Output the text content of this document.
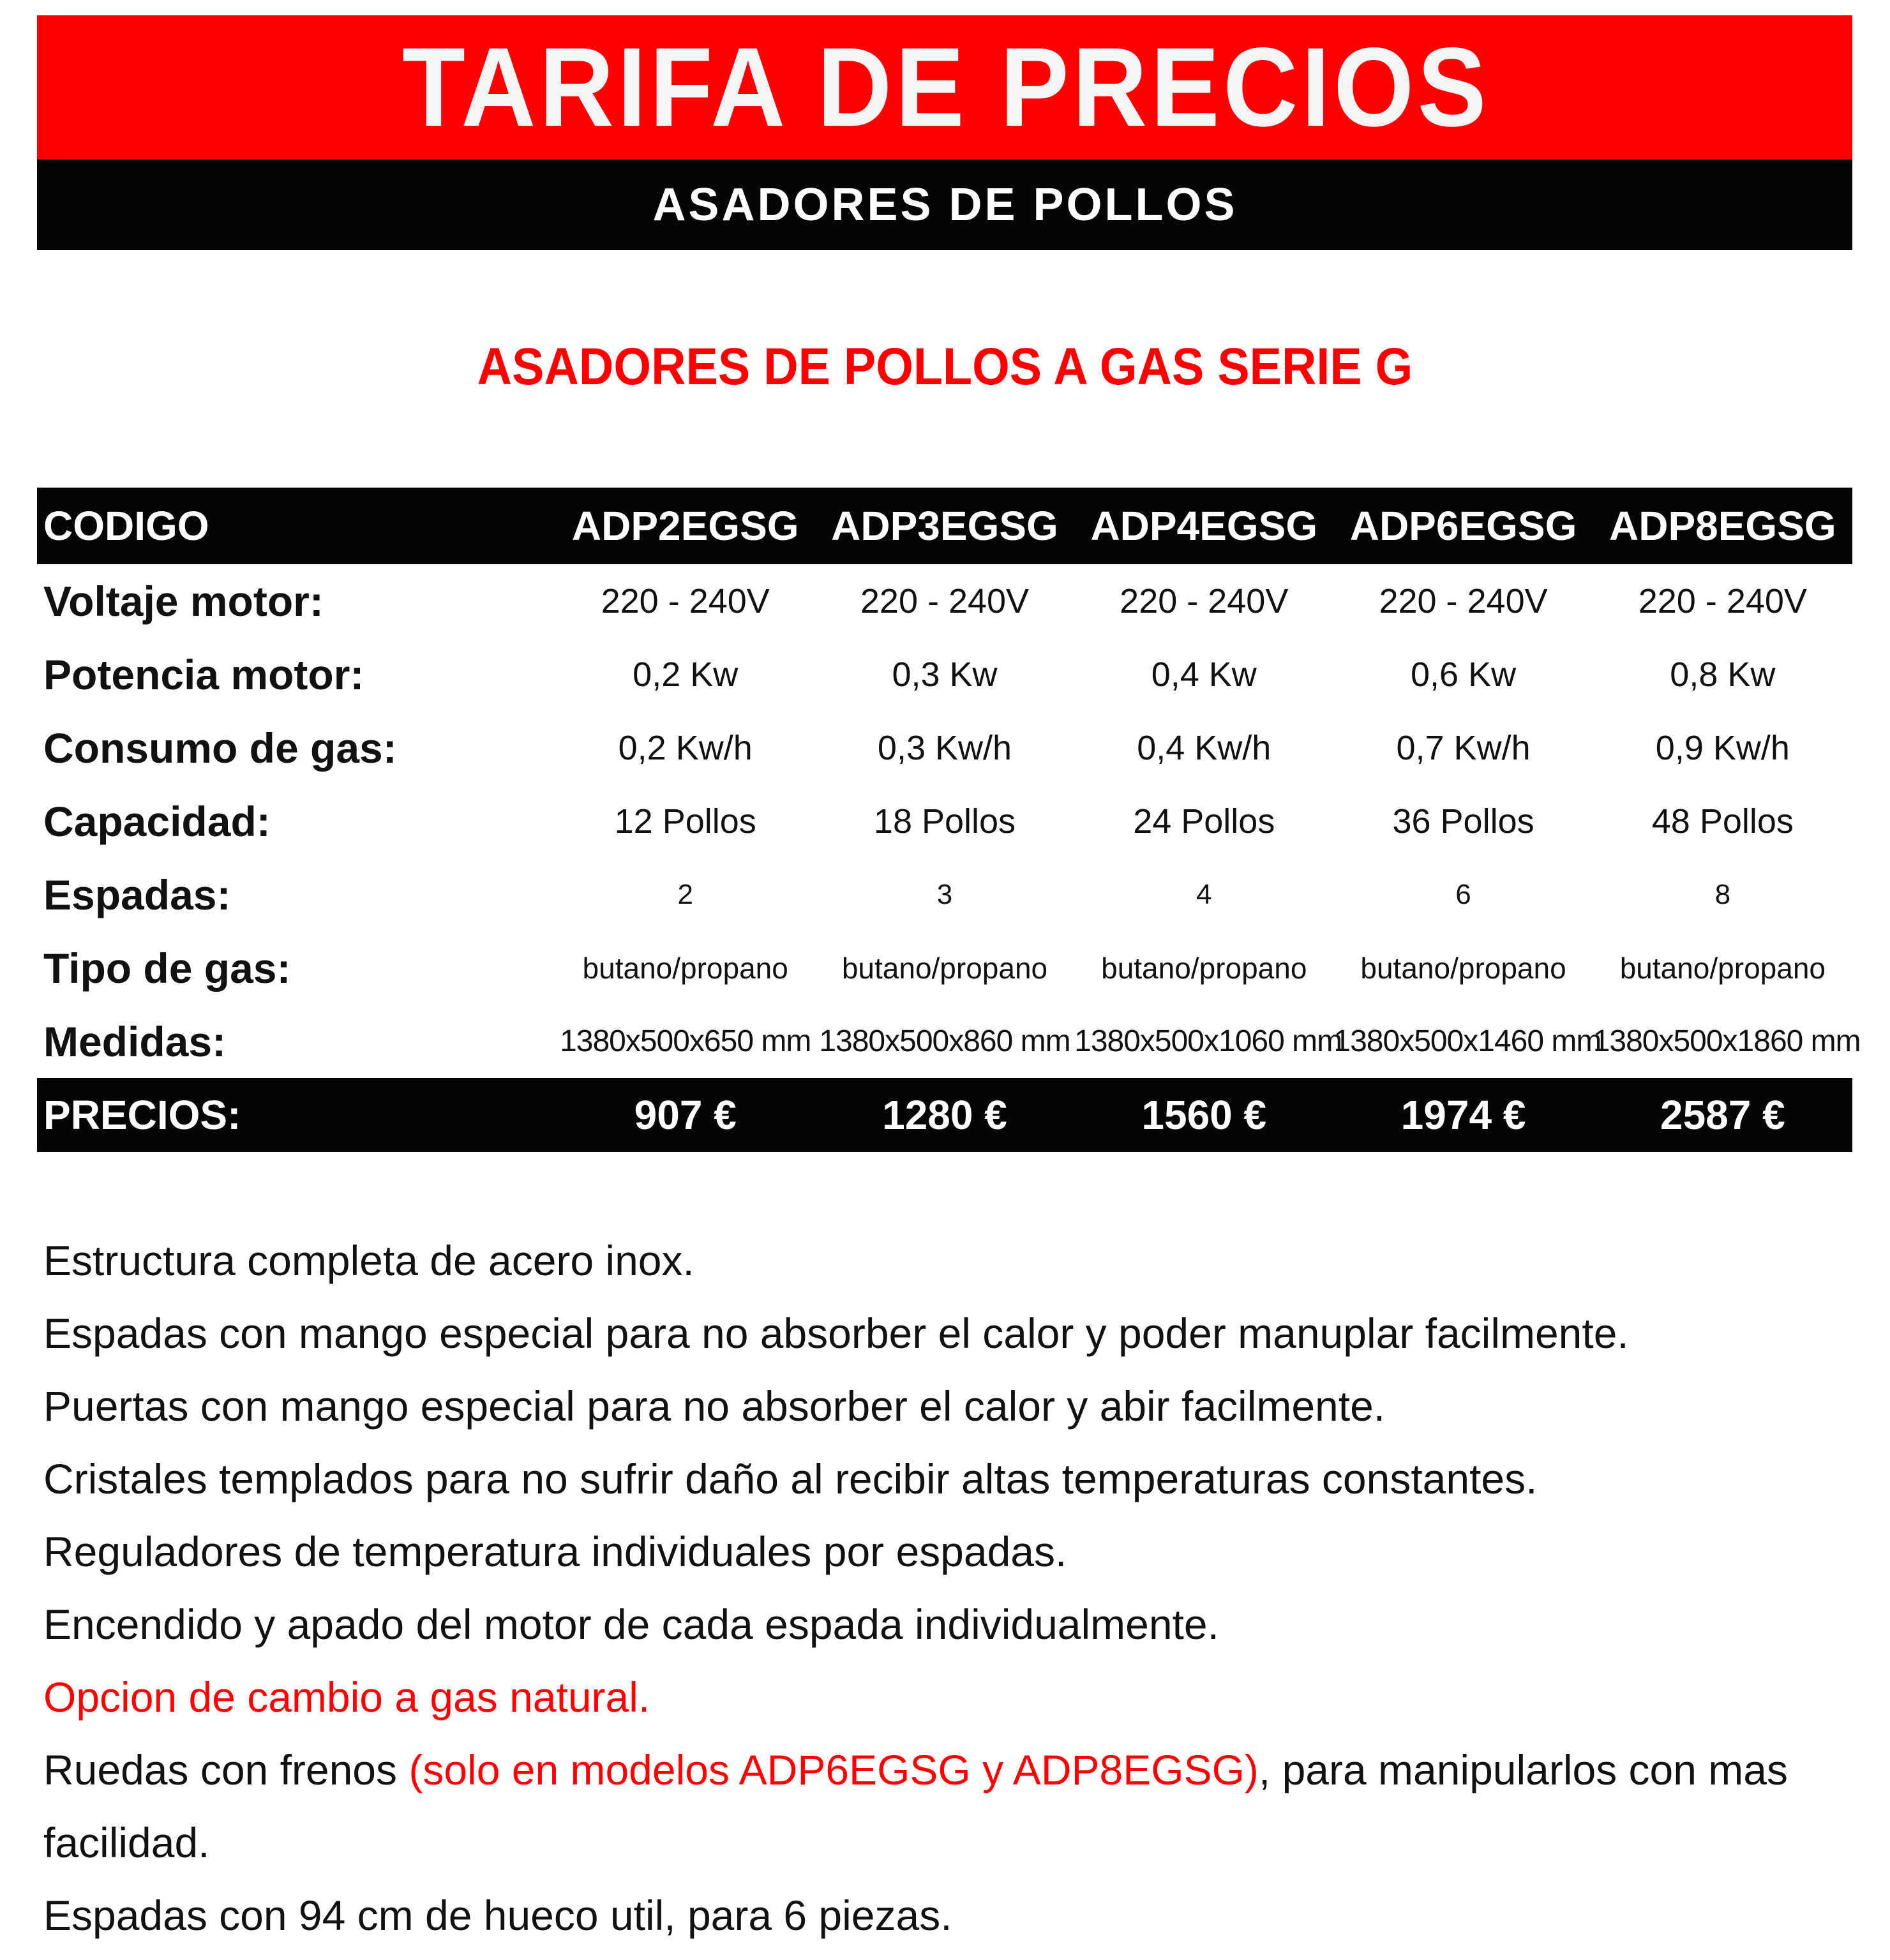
TARIFA DE PRECIOS
ASADORES DE POLLOS
ASADORES DE POLLOS A GAS SERIE G
CODIGO	ADP2EGSG	ADP3EGSG	ADP4EGSG	ADP6EGSG	ADP8EGSG
Voltaje motor:	220 - 240V	220 - 240V	220 - 240V	220 - 240V	220 - 240V
Potencia motor:	0,2 Kw	0,3 Kw	0,4 Kw	0,6 Kw	0,8 Kw
Consumo de gas:	0,2 Kw/h	0,3 Kw/h	0,4 Kw/h	0,7 Kw/h	0,9 Kw/h
Capacidad:	12 Pollos	18 Pollos	24 Pollos	36 Pollos	48 Pollos
Espadas:	2	3	4	6	8
Tipo de gas:	butano/propano	butano/propano	butano/propano	butano/propano	butano/propano
Medidas:	1380x500x650 mm	1380x500x860 mm	1380x500x1060 mm	1380x500x1460 mm	1380x500x1860 mm
PRECIOS:	907 €	1280 €	1560 €	1974 €	2587 €
Estructura completa de acero inox.
Espadas con mango especial para no absorber el calor y poder manuplar facilmente.
Puertas con mango especial para no absorber el calor y abir facilmente.
Cristales templados para no sufrir daño al recibir altas temperaturas constantes.
Reguladores de temperatura individuales por espadas.
Encendido y apado del motor de cada espada individualmente.
Opcion de cambio a gas natural.
Ruedas con frenos (solo en modelos ADP6EGSG y ADP8EGSG), para manipularlos con mas
facilidad.
Espadas con 94 cm de hueco util, para 6 piezas.
